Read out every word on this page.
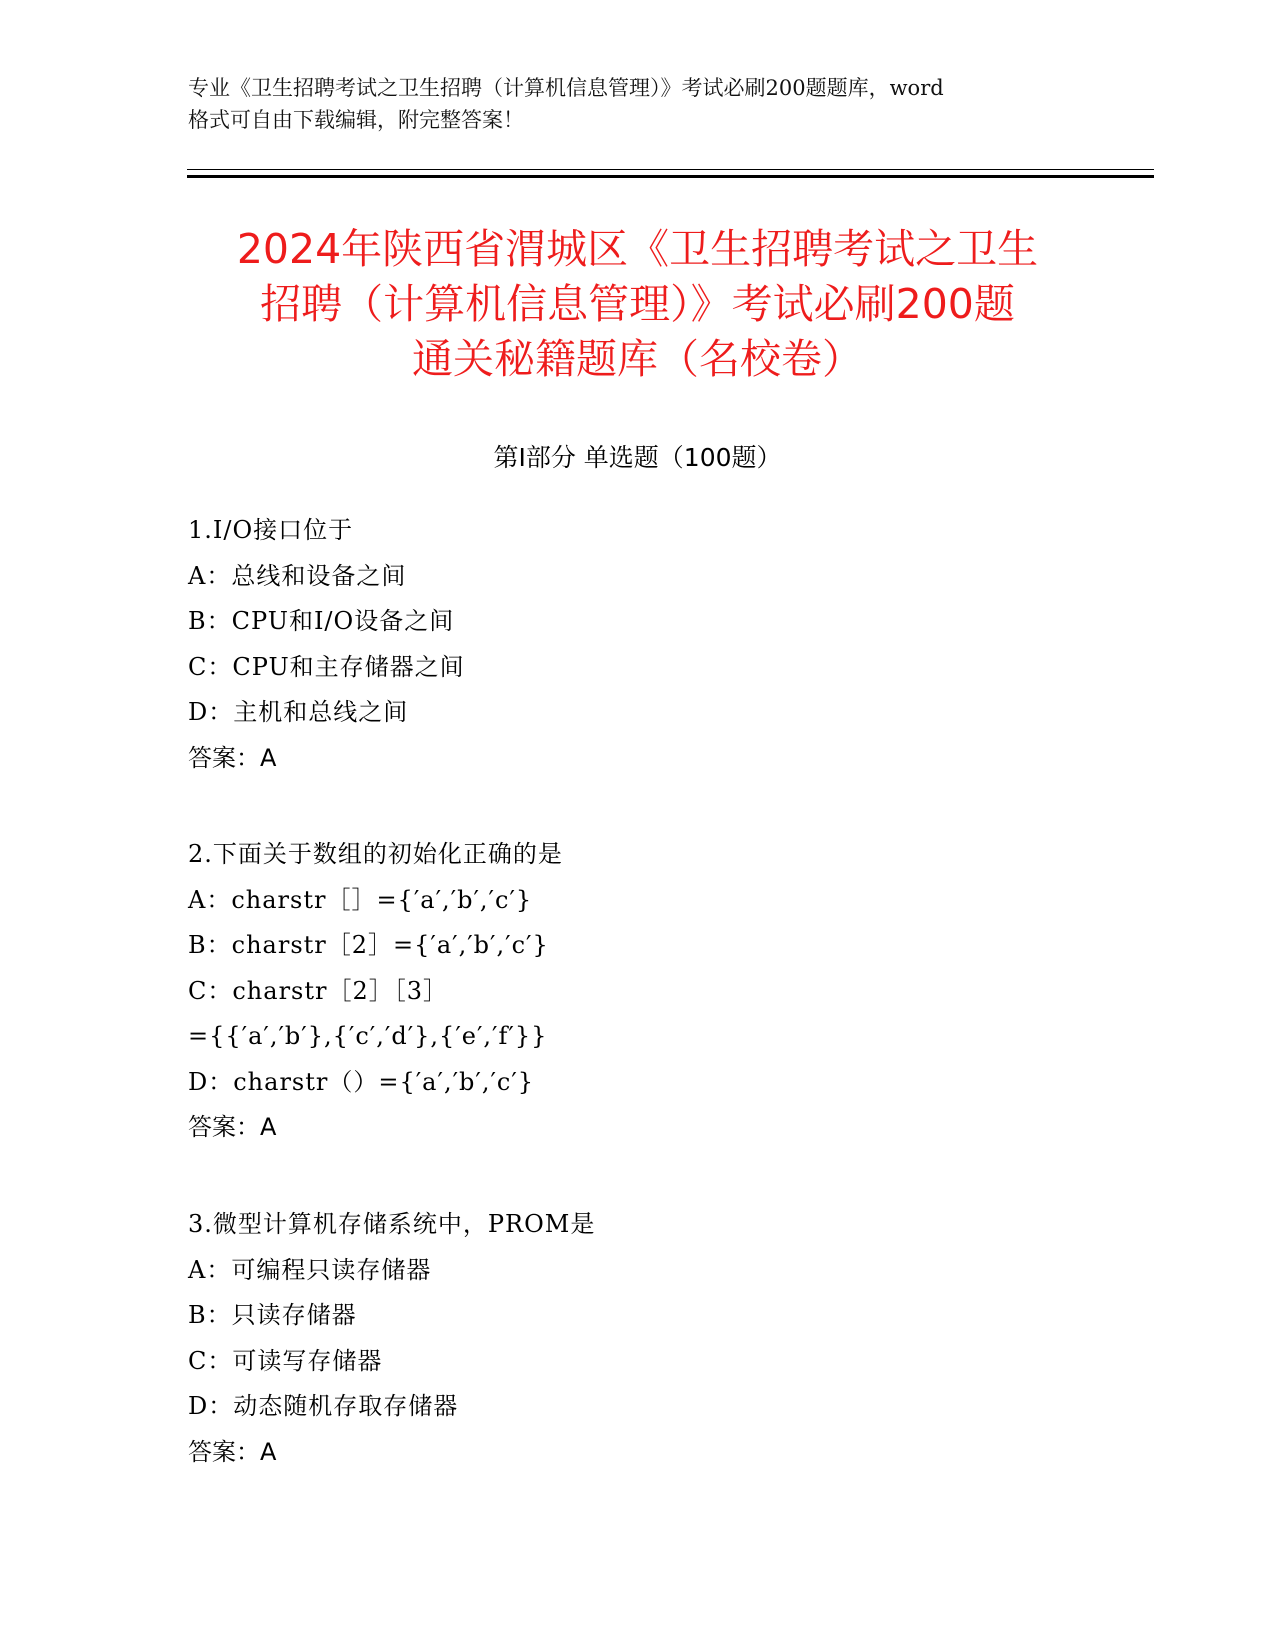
专业《卫生招聘考试之卫生招聘（计算机信息管理）》考试必刷200题题库，word
格式可自由下载编辑，附完整答案！
2024年陕西省渭城区《卫生招聘考试之卫生
招聘（计算机信息管理）》考试必刷200题
通关秘籍题库（名校卷）
第Ⅰ部分 单选题（100题）
1.I/O接口位于
A：总线和设备之间
B：CPU和I/O设备之间
C：CPU和主存储器之间
D：主机和总线之间
答案：A
2.下面关于数组的初始化正确的是
A：charstr［］={′a′,′b′,′c′}
B：charstr［2］={′a′,′b′,′c′}
C：charstr［2］［3］
={{′a′,′b′},{′c′,′d′},{′e′,′f′}}
D：charstr（）={′a′,′b′,′c′}
答案：A
3.微型计算机存储系统中，PROM是
A：可编程只读存储器
B：只读存储器
C：可读写存储器
D：动态随机存取存储器
答案：A
